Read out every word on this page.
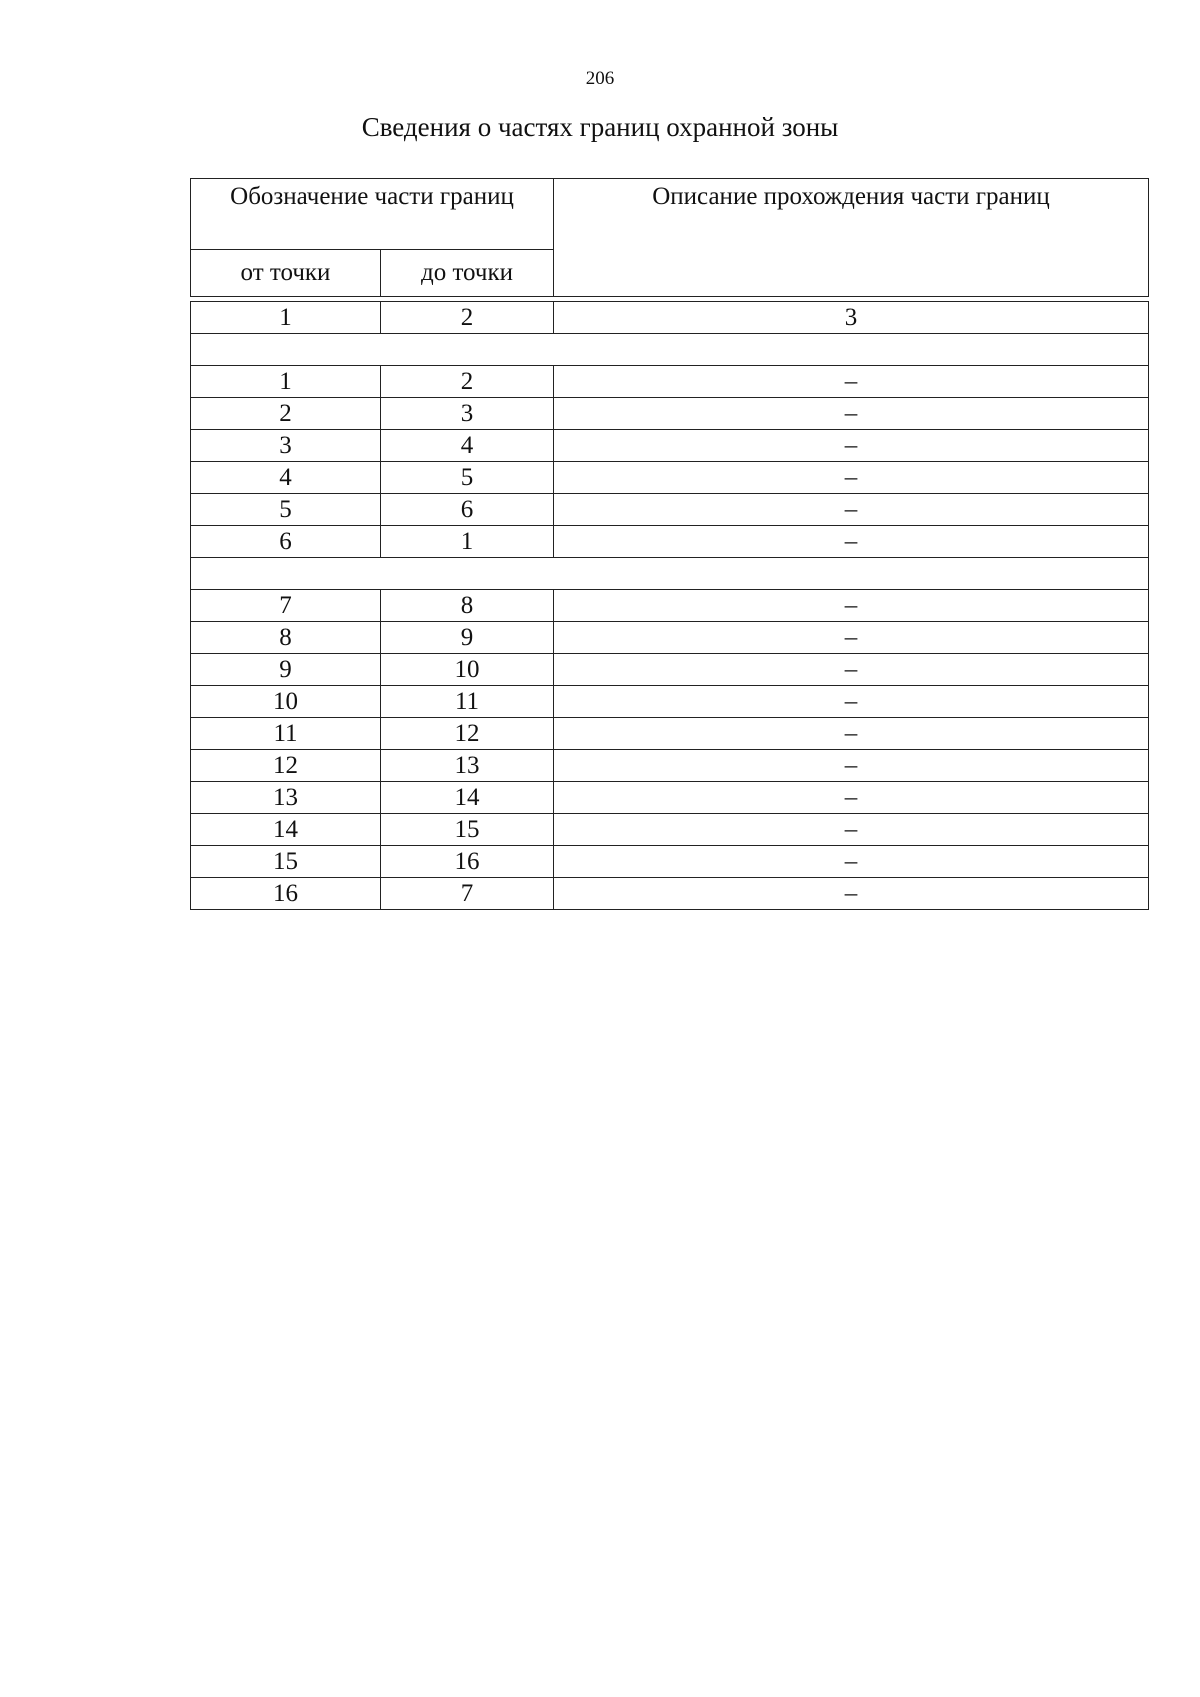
206
Сведения о частях границ охранной зоны
Обозначение части границ		Описание прохождения части границ
от точки	до точки	
1	2	3

1	2	–
2	3	–
3	4	–
4	5	–
5	6	–
6	1	–

7	8	–
8	9	–
9	10	–
10	11	–
11	12	–
12	13	–
13	14	–
14	15	–
15	16	–
16	7	–
